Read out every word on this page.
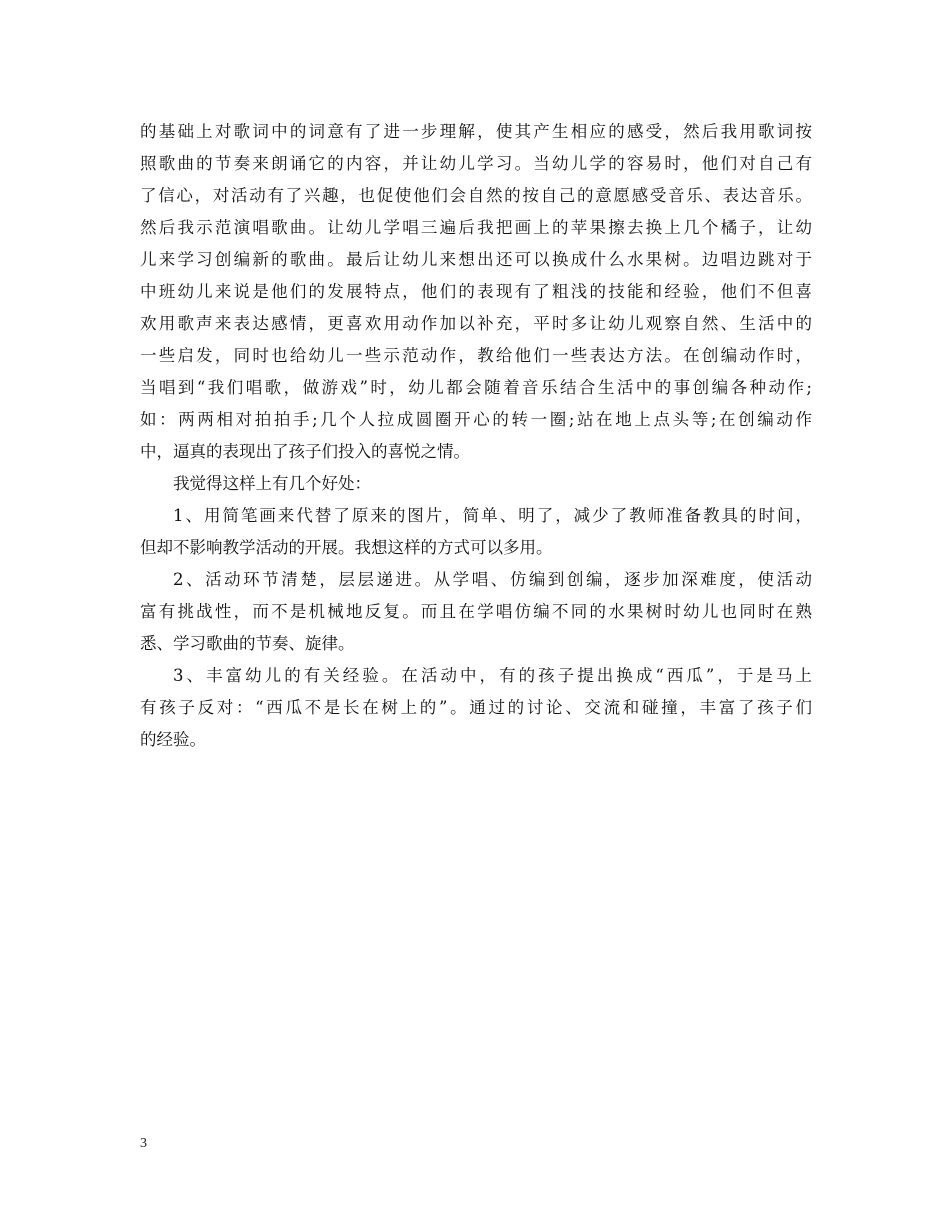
的基础上对歌词中的词意有了进一步理解，使其产生相应的感受，然后我用歌词按
照歌曲的节奏来朗诵它的内容，并让幼儿学习。当幼儿学的容易时，他们对自己有
了信心，对活动有了兴趣，也促使他们会自然的按自己的意愿感受音乐、表达音乐。
然后我示范演唱歌曲。让幼儿学唱三遍后我把画上的苹果擦去换上几个橘子，让幼
儿来学习创编新的歌曲。最后让幼儿来想出还可以换成什么水果树。边唱边跳对于
中班幼儿来说是他们的发展特点，他们的表现有了粗浅的技能和经验，他们不但喜
欢用歌声来表达感情，更喜欢用动作加以补充，平时多让幼儿观察自然、生活中的
一些启发，同时也给幼儿一些示范动作，教给他们一些表达方法。在创编动作时，
当唱到“我们唱歌，做游戏”时，幼儿都会随着音乐结合生活中的事创编各种动作;
如：两两相对拍拍手;几个人拉成圆圈开心的转一圈;站在地上点头等;在创编动作
中，逼真的表现出了孩子们投入的喜悦之情。
我觉得这样上有几个好处：
1、用简笔画来代替了原来的图片，简单、明了，减少了教师准备教具的时间，
但却不影响教学活动的开展。我想这样的方式可以多用。
2、活动环节清楚，层层递进。从学唱、仿编到创编，逐步加深难度，使活动
富有挑战性，而不是机械地反复。而且在学唱仿编不同的水果树时幼儿也同时在熟
悉、学习歌曲的节奏、旋律。
3、丰富幼儿的有关经验。在活动中，有的孩子提出换成“西瓜”，于是马上
有孩子反对：“西瓜不是长在树上的”。通过的讨论、交流和碰撞，丰富了孩子们
的经验。
3
